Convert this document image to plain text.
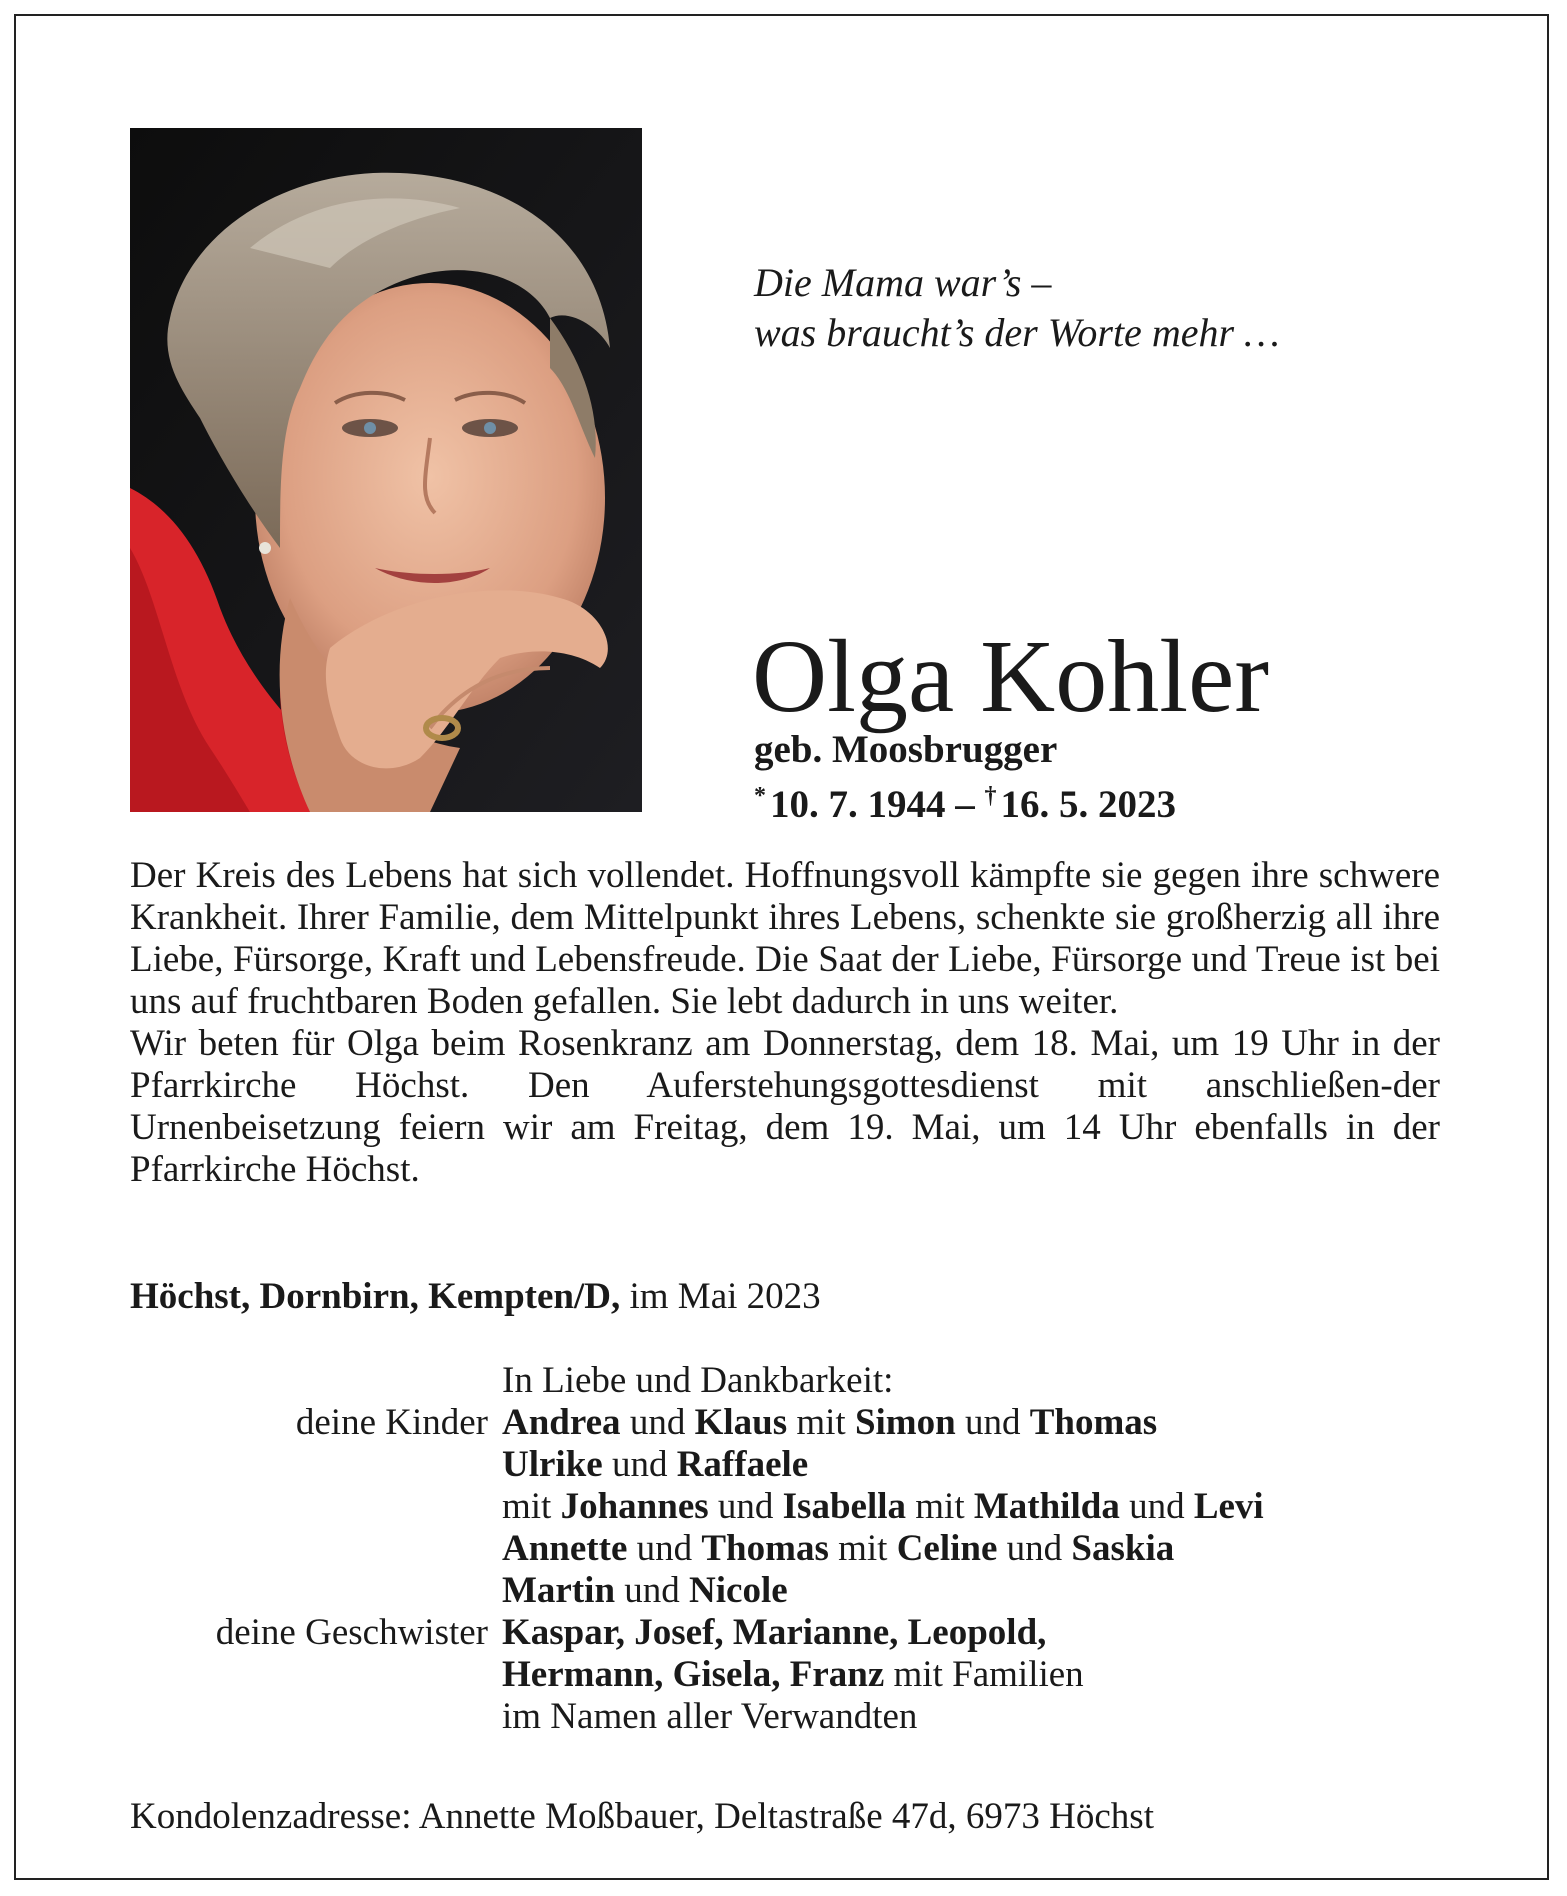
Die Mama war’s –
was braucht’s der Worte mehr …
Olga Kohler
geb. Moosbrugger
* 10. 7. 1944 – † 16. 5. 2023

Der Kreis des Lebens hat sich vollendet. Hoffnungsvoll kämpfte sie gegen ihre schwere Krankheit. Ihrer Familie, dem Mittelpunkt ihres Lebens, schenkte sie großherzig all ihre Liebe, Fürsorge, Kraft und Lebensfreude. Die Saat der Liebe, Fürsorge und Treue ist bei uns auf fruchtbaren Boden gefallen. Sie lebt dadurch in uns weiter.

Wir beten für Olga beim Rosenkranz am Donnerstag, dem 18. Mai, um 19 Uhr in der Pfarrkirche Höchst. Den Auferstehungsgottesdienst mit anschließen-der Urnenbeisetzung feiern wir am Freitag, dem 19. Mai, um 14 Uhr ebenfalls in der Pfarrkirche Höchst.

Höchst, Dornbirn, Kempten/D, im Mai 2023
In Liebe und Dankbarkeit:
deine Kinder Andrea und Klaus mit Simon und Thomas
Ulrike und Raffaele
mit Johannes und Isabella mit Mathilda und Levi
Annette und Thomas mit Celine und Saskia
Martin und Nicole
deine Geschwister Kaspar, Josef, Marianne, Leopold,
Hermann, Gisela, Franz mit Familien
im Namen aller Verwandten
Kondolenzadresse: Annette Moßbauer, Deltastraße 47d, 6973 Höchst
